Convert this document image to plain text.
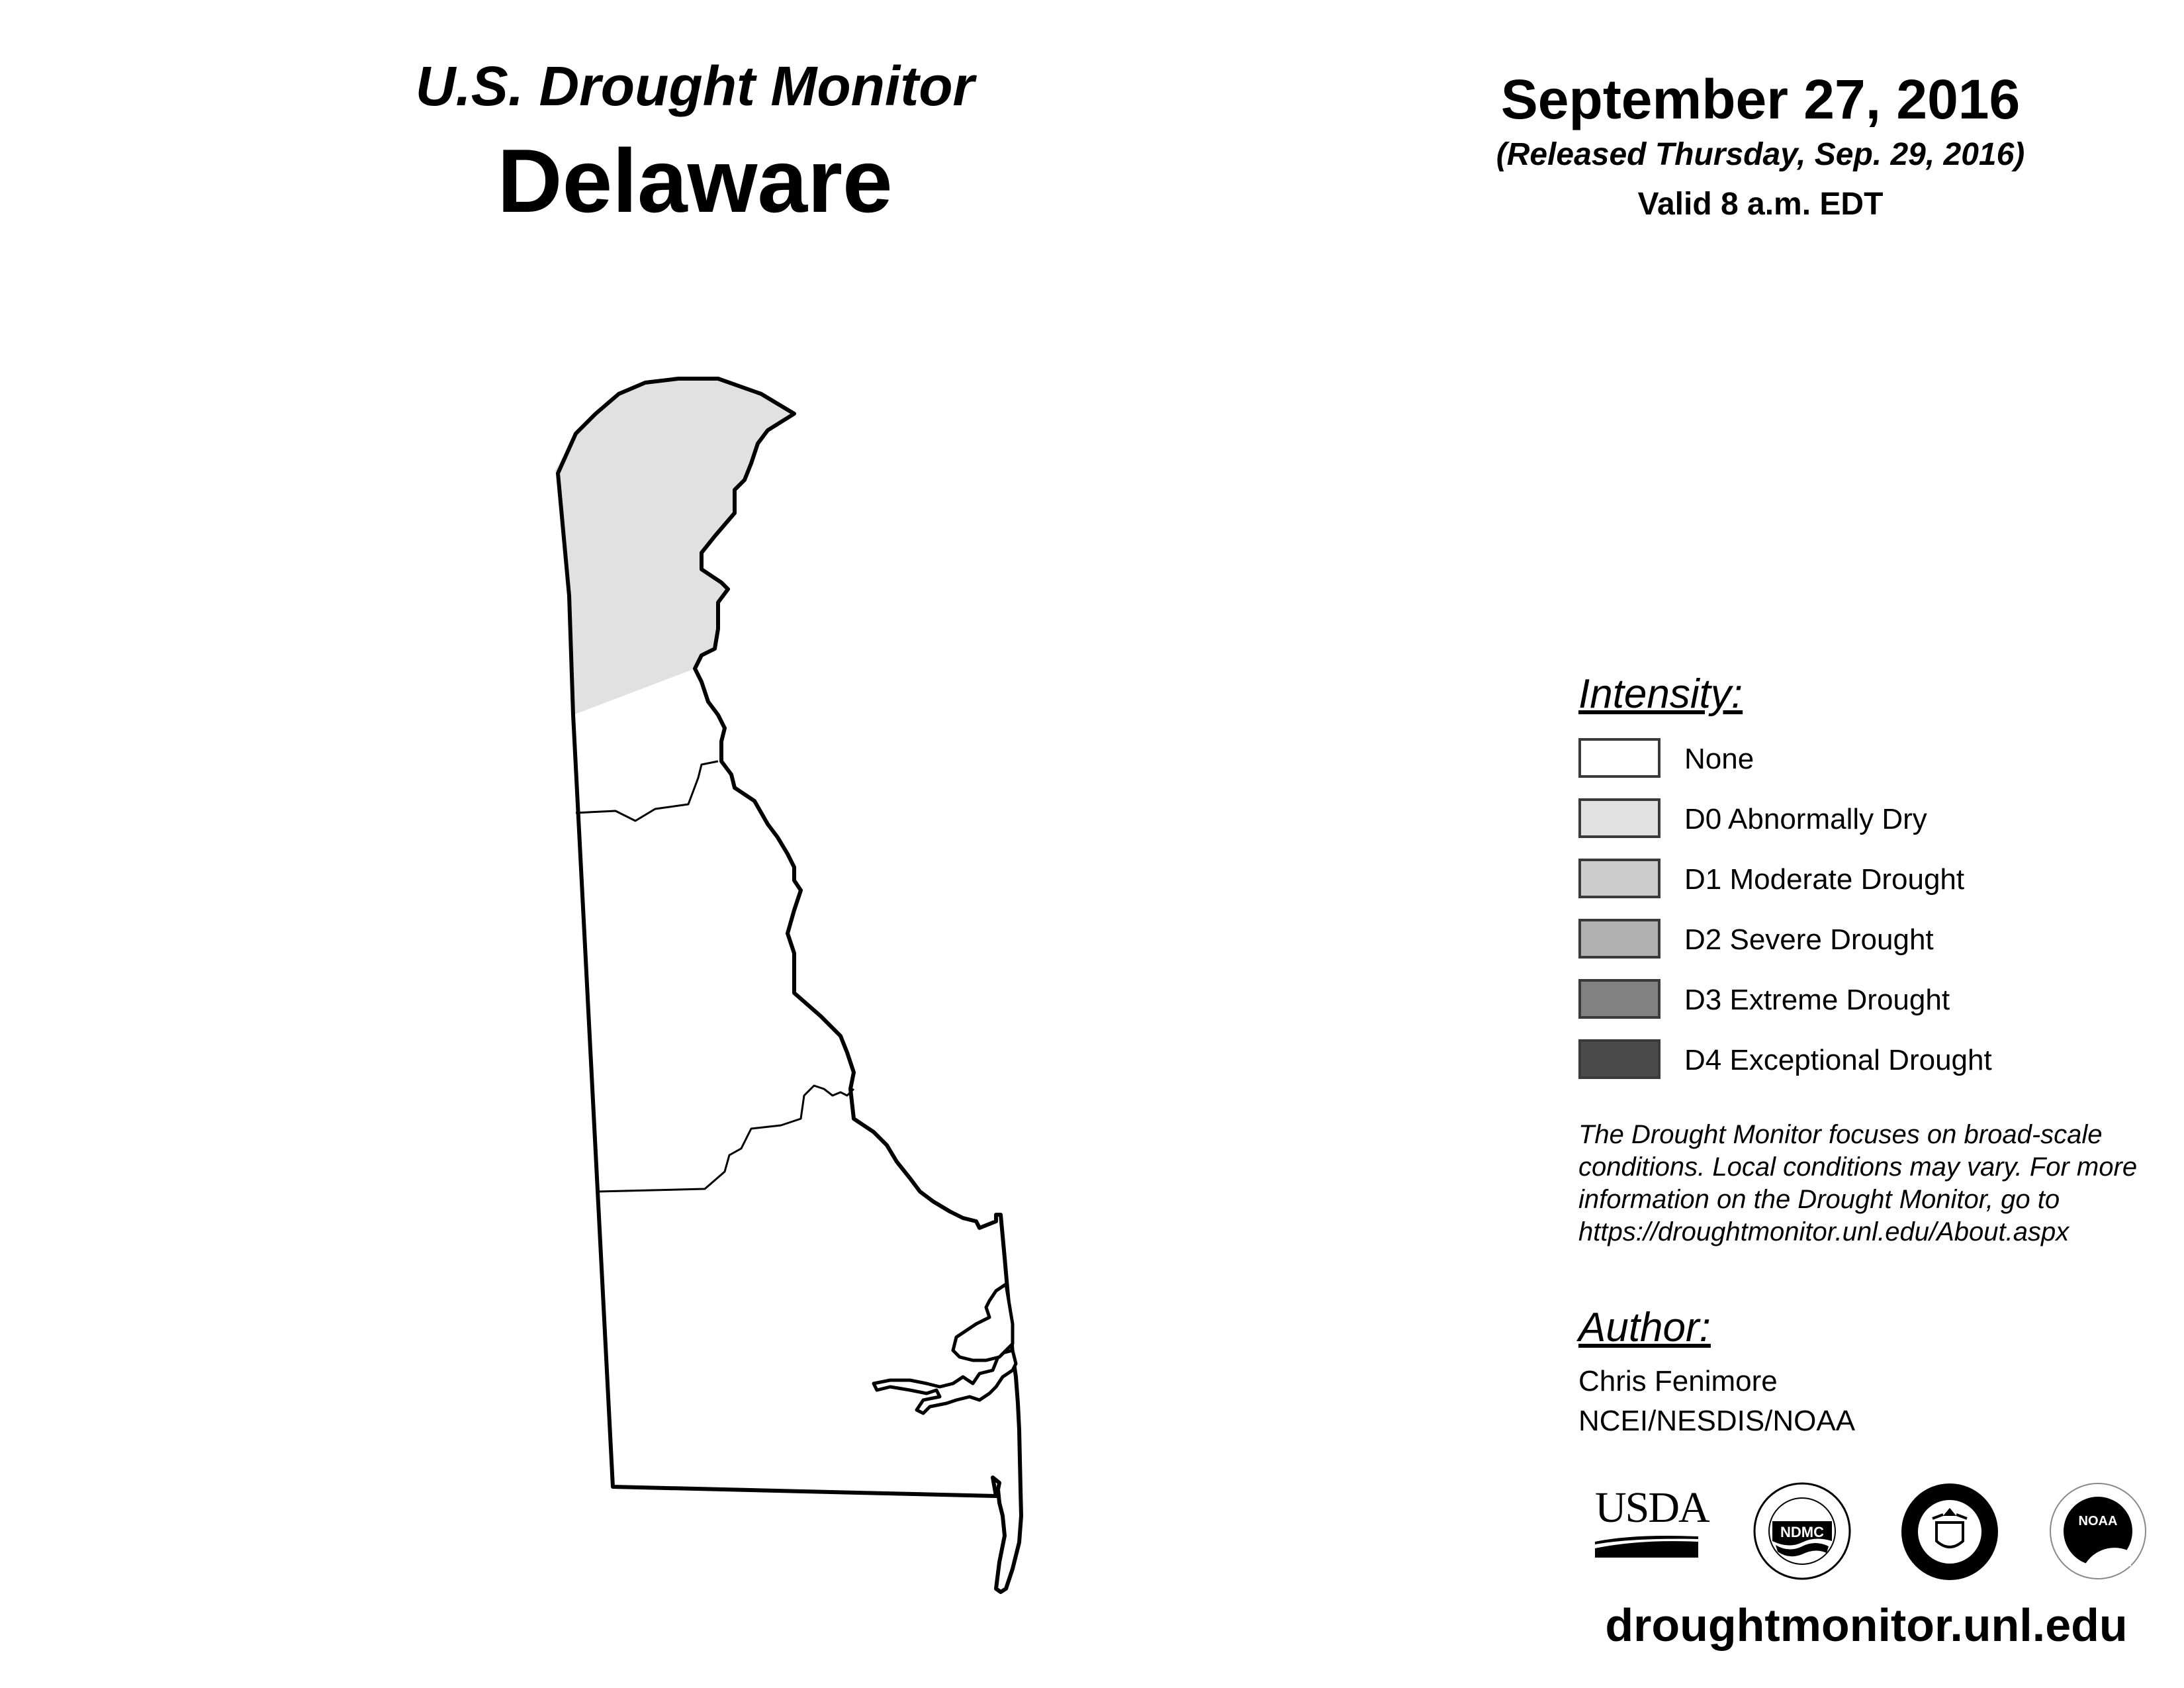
U.S. Drought Monitor
Delaware
September 27, 2016
(Released Thursday, Sep. 29, 2016)
Valid 8 a.m. EDT
Intensity:
None
D0 Abnormally Dry
D1 Moderate Drought
D2 Severe Drought
D3 Extreme Drought
D4 Exceptional Drought
The Drought Monitor focuses on broad-scale
conditions. Local conditions may vary. For more
information on the Drought Monitor, go to
https://droughtmonitor.unl.edu/About.aspx
Author:
Chris Fenimore
NCEI/NESDIS/NOAA
USDA
NDMC
NOAA
droughtmonitor.unl.edu
